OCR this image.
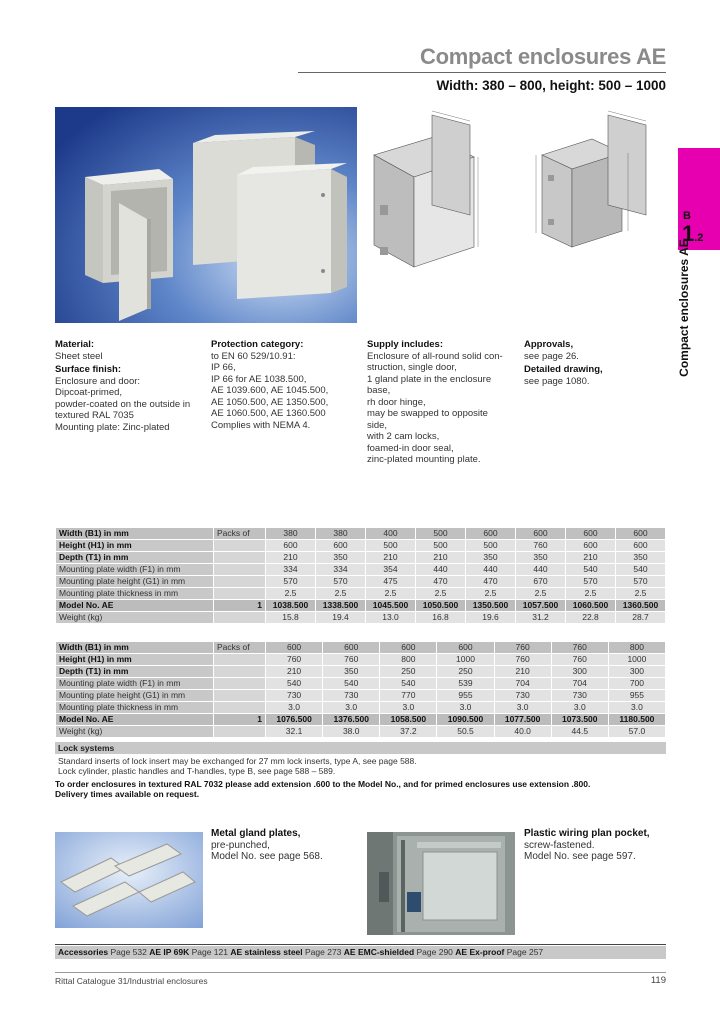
Compact enclosures AE
Width: 380 – 800, height: 500 – 1000
B
1.2
Compact enclosures AE
Material:
Sheet steel
Surface finish:
Enclosure and door:
Dipcoat-primed,
powder-coated on the outside in
textured RAL 7035
Mounting plate: Zinc-plated
Protection category:
to EN 60 529/10.91:
IP 66,
IP 66 for AE 1038.500,
AE 1039.600, AE 1045.500,
AE 1050.500, AE 1350.500,
AE 1060.500, AE 1360.500
Complies with NEMA 4.
Supply includes:
Enclosure of all-round solid con-
struction, single door,
1 gland plate in the enclosure
base,
rh door hinge,
may be swapped to opposite
side,
with 2 cam locks,
foamed-in door seal,
zinc-plated mounting plate.
Approvals,
see page 26.
Detailed drawing,
see page 1080.
Width (B1) in mm	Packs of	380	380	400	500	600	600	600	600
Height (H1) in mm		600	600	500	500	500	760	600	600
Depth (T1) in mm		210	350	210	210	350	350	210	350
Mounting plate width (F1) in mm		334	334	354	440	440	440	540	540
Mounting plate height (G1) in mm		570	570	475	470	470	670	570	570
Mounting plate thickness in mm		2.5	2.5	2.5	2.5	2.5	2.5	2.5	2.5
Model No. AE	1	1038.500	1338.500	1045.500	1050.500	1350.500	1057.500	1060.500	1360.500
Weight (kg)		15.8	19.4	13.0	16.8	19.6	31.2	22.8	28.7
Width (B1) in mm	Packs of	600	600	600	600	760	760	800
Height (H1) in mm		760	760	800	1000	760	760	1000
Depth (T1) in mm		210	350	250	250	210	300	300
Mounting plate width (F1) in mm		540	540	540	539	704	704	700
Mounting plate height (G1) in mm		730	730	770	955	730	730	955
Mounting plate thickness in mm		3.0	3.0	3.0	3.0	3.0	3.0	3.0
Model No. AE	1	1076.500	1376.500	1058.500	1090.500	1077.500	1073.500	1180.500
Weight (kg)		32.1	38.0	37.2	50.5	40.0	44.5	57.0
Lock systems
Standard inserts of lock insert may be exchanged for 27 mm lock inserts, type A, see page 588.
Lock cylinder, plastic handles and T-handles, type B, see page 588 – 589.
To order enclosures in textured RAL 7032 please add extension .600 to the Model No., and for primed enclosures use extension .800.
Delivery times available on request.
Metal gland plates,
pre-punched,
Model No. see page 568.
Plastic wiring plan pocket,
screw-fastened.
Model No. see page 597.
Accessories Page 532 AE IP 69K Page 121 AE stainless steel Page 273 AE EMC-shielded Page 290 AE Ex-proof Page 257
Rittal Catalogue 31/Industrial enclosures	119
